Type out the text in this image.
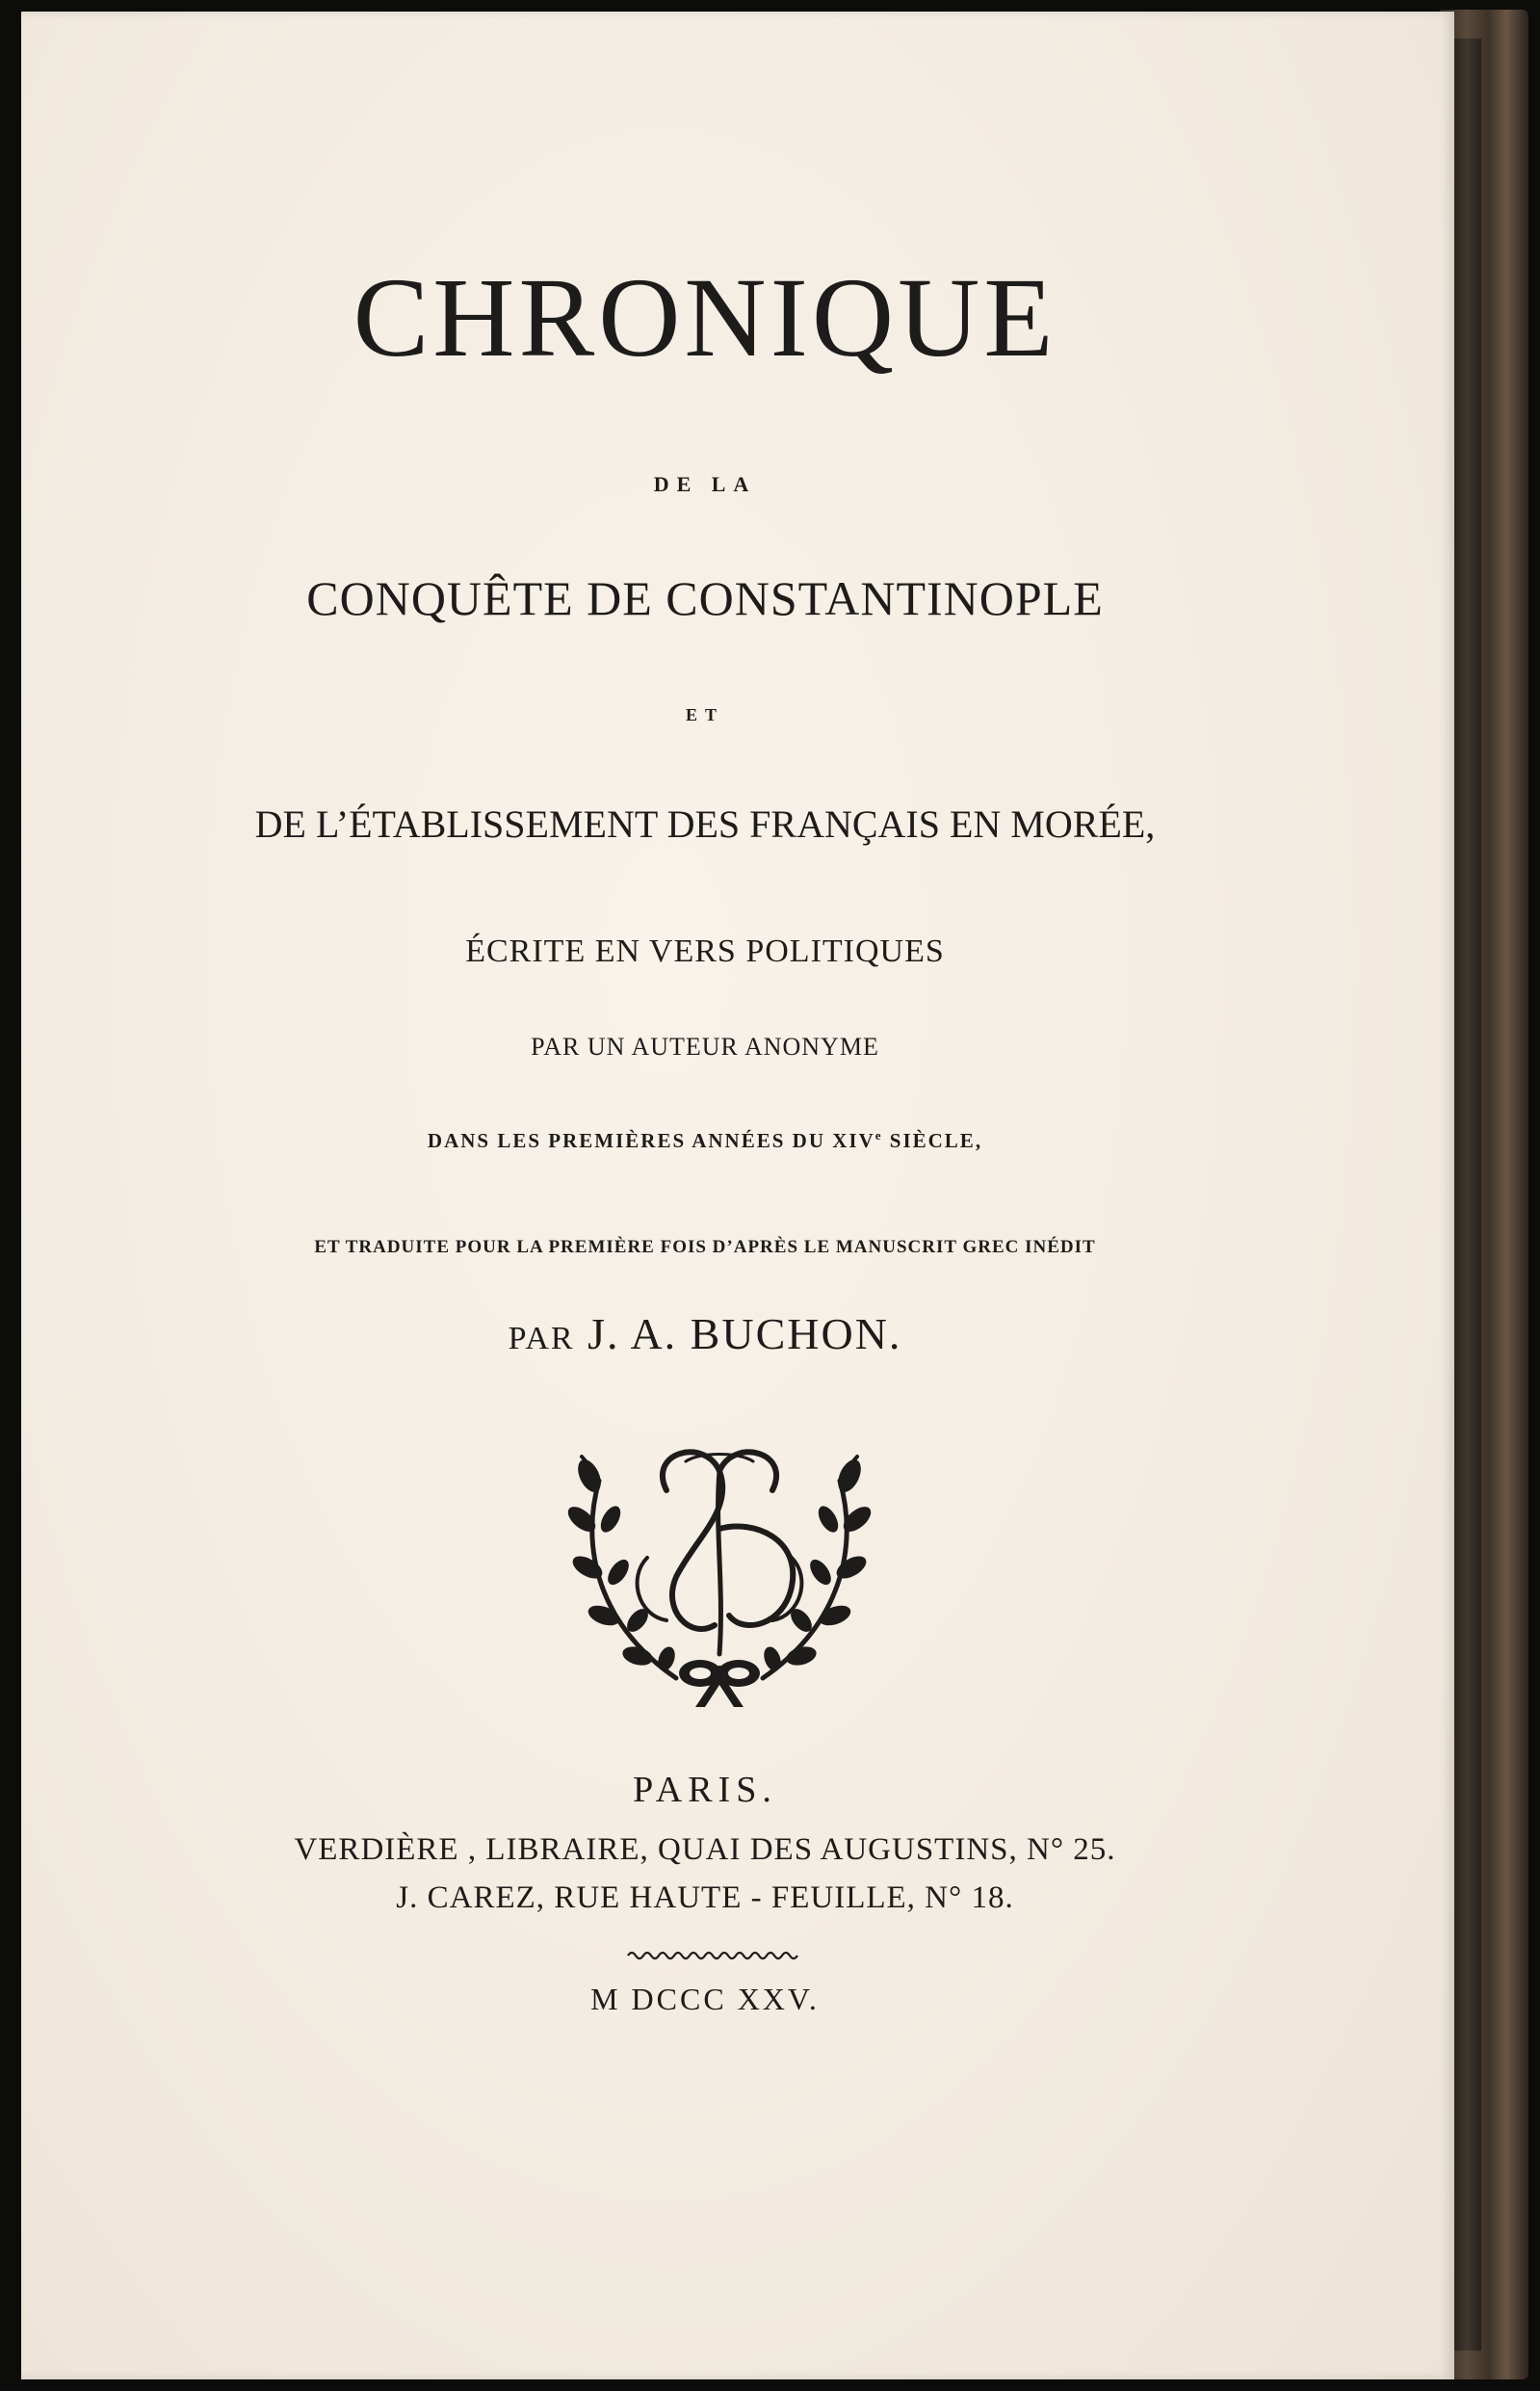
CHRONIQUE
DE LA
CONQUÊTE DE CONSTANTINOPLE
ET
DE L’ÉTABLISSEMENT DES FRANÇAIS EN MORÉE,
ÉCRITE EN VERS POLITIQUES
PAR UN AUTEUR ANONYME
DANS LES PREMIÈRES ANNÉES DU XIVe SIÈCLE,
ET TRADUITE POUR LA PREMIÈRE FOIS D’APRÈS LE MANUSCRIT GREC INÉDIT
PAR J. A. BUCHON.
PARIS.
VERDIÈRE , LIBRAIRE, QUAI DES AUGUSTINS, N° 25.
J. CAREZ, RUE HAUTE - FEUILLE, N° 18.
M DCCC XXV.
